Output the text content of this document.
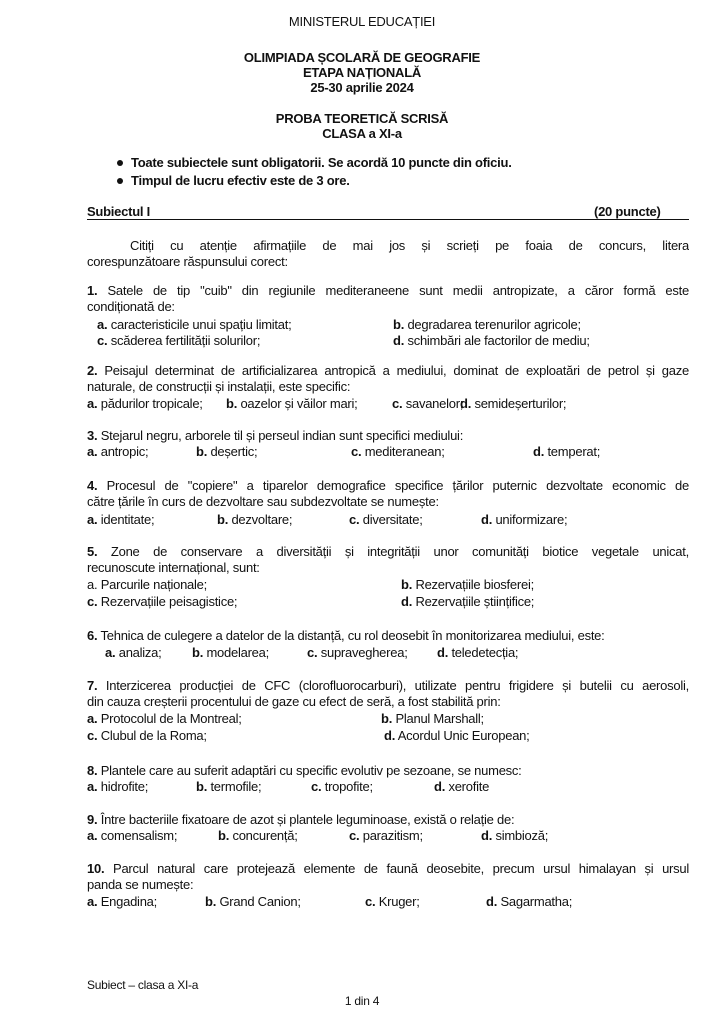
MINISTERUL EDUCAȚIEI
OLIMPIADA ȘCOLARĂ DE GEOGRAFIE
ETAPA NAȚIONALĂ
25-30 aprilie 2024
PROBA TEORETICĂ SCRISĂ
CLASA a XI-a
Toate subiectele sunt obligatorii. Se acordă 10 puncte din oficiu.
Timpul de lucru efectiv este de 3 ore.
Subiectul I	(20 puncte)
Citiți cu atenție afirmațiile de mai jos și scrieți pe foaia de concurs, litera
corespunzătoare răspunsului corect:
1. Satele de tip "cuib" din regiunile mediteraneene sunt medii antropizate, a căror formă este
condiționată de:
a. caracteristicile unui spațiu limitat;	b. degradarea terenurilor agricole;
c. scăderea fertilității solurilor;	d. schimbări ale factorilor de mediu;
2. Peisajul determinat de artificializarea antropică a mediului, dominat de exploatări de petrol și gaze
naturale, de construcții și instalații, este specific:
a. pădurilor tropicale; b. oazelor și văilor mari;	c. savanelor;
d. semideșerturilor;
3. Stejarul negru, arborele til și perseul indian sunt specifici mediului:
a. antropic;	b. deșertic;	c. mediteranean;	d. temperat;
4. Procesul de "copiere" a tiparelor demografice specifice țărilor puternic dezvoltate economic de
către țările în curs de dezvoltare sau subdezvoltate se numește:
a. identitate;	b. dezvoltare;	c. diversitate;	d. uniformizare;
5. Zone de conservare a diversității și integrității unor comunități biotice vegetale unicat,
recunoscute internațional, sunt:
a. Parcurile naționale;	b. Rezervațiile biosferei;
c. Rezervațiile peisagistice;	d. Rezervațiile științifice;
6. Tehnica de culegere a datelor de la distanță, cu rol deosebit în monitorizarea mediului, este:
a. analiza; b. modelarea;	c. supravegherea; d. teledetecția;
7. Interzicerea producției de CFC (clorofluorocarburi), utilizate pentru frigidere și butelii cu aerosoli,
din cauza creșterii procentului de gaze cu efect de seră, a fost stabilită prin:
a. Protocolul de la Montreal;	b. Planul Marshall;
c. Clubul de la Roma;	d. Acordul Unic European;
8. Plantele care au suferit adaptări cu specific evolutiv pe sezoane, se numesc:
a. hidrofite;	b. termofile;	c. tropofite;	d. xerofite
9. Între bacteriile fixatoare de azot și plantele leguminoase, există o relație de:
a. comensalism;	b. concurență;	c. parazitism;	d. simbioză;
10. Parcul natural care protejează elemente de faună deosebite, precum ursul himalayan și ursul
panda se numește:
a. Engadina;	b. Grand Canion;	c. Kruger;	d. Sagarmatha;
Subiect – clasa a XI-a
1 din 4
